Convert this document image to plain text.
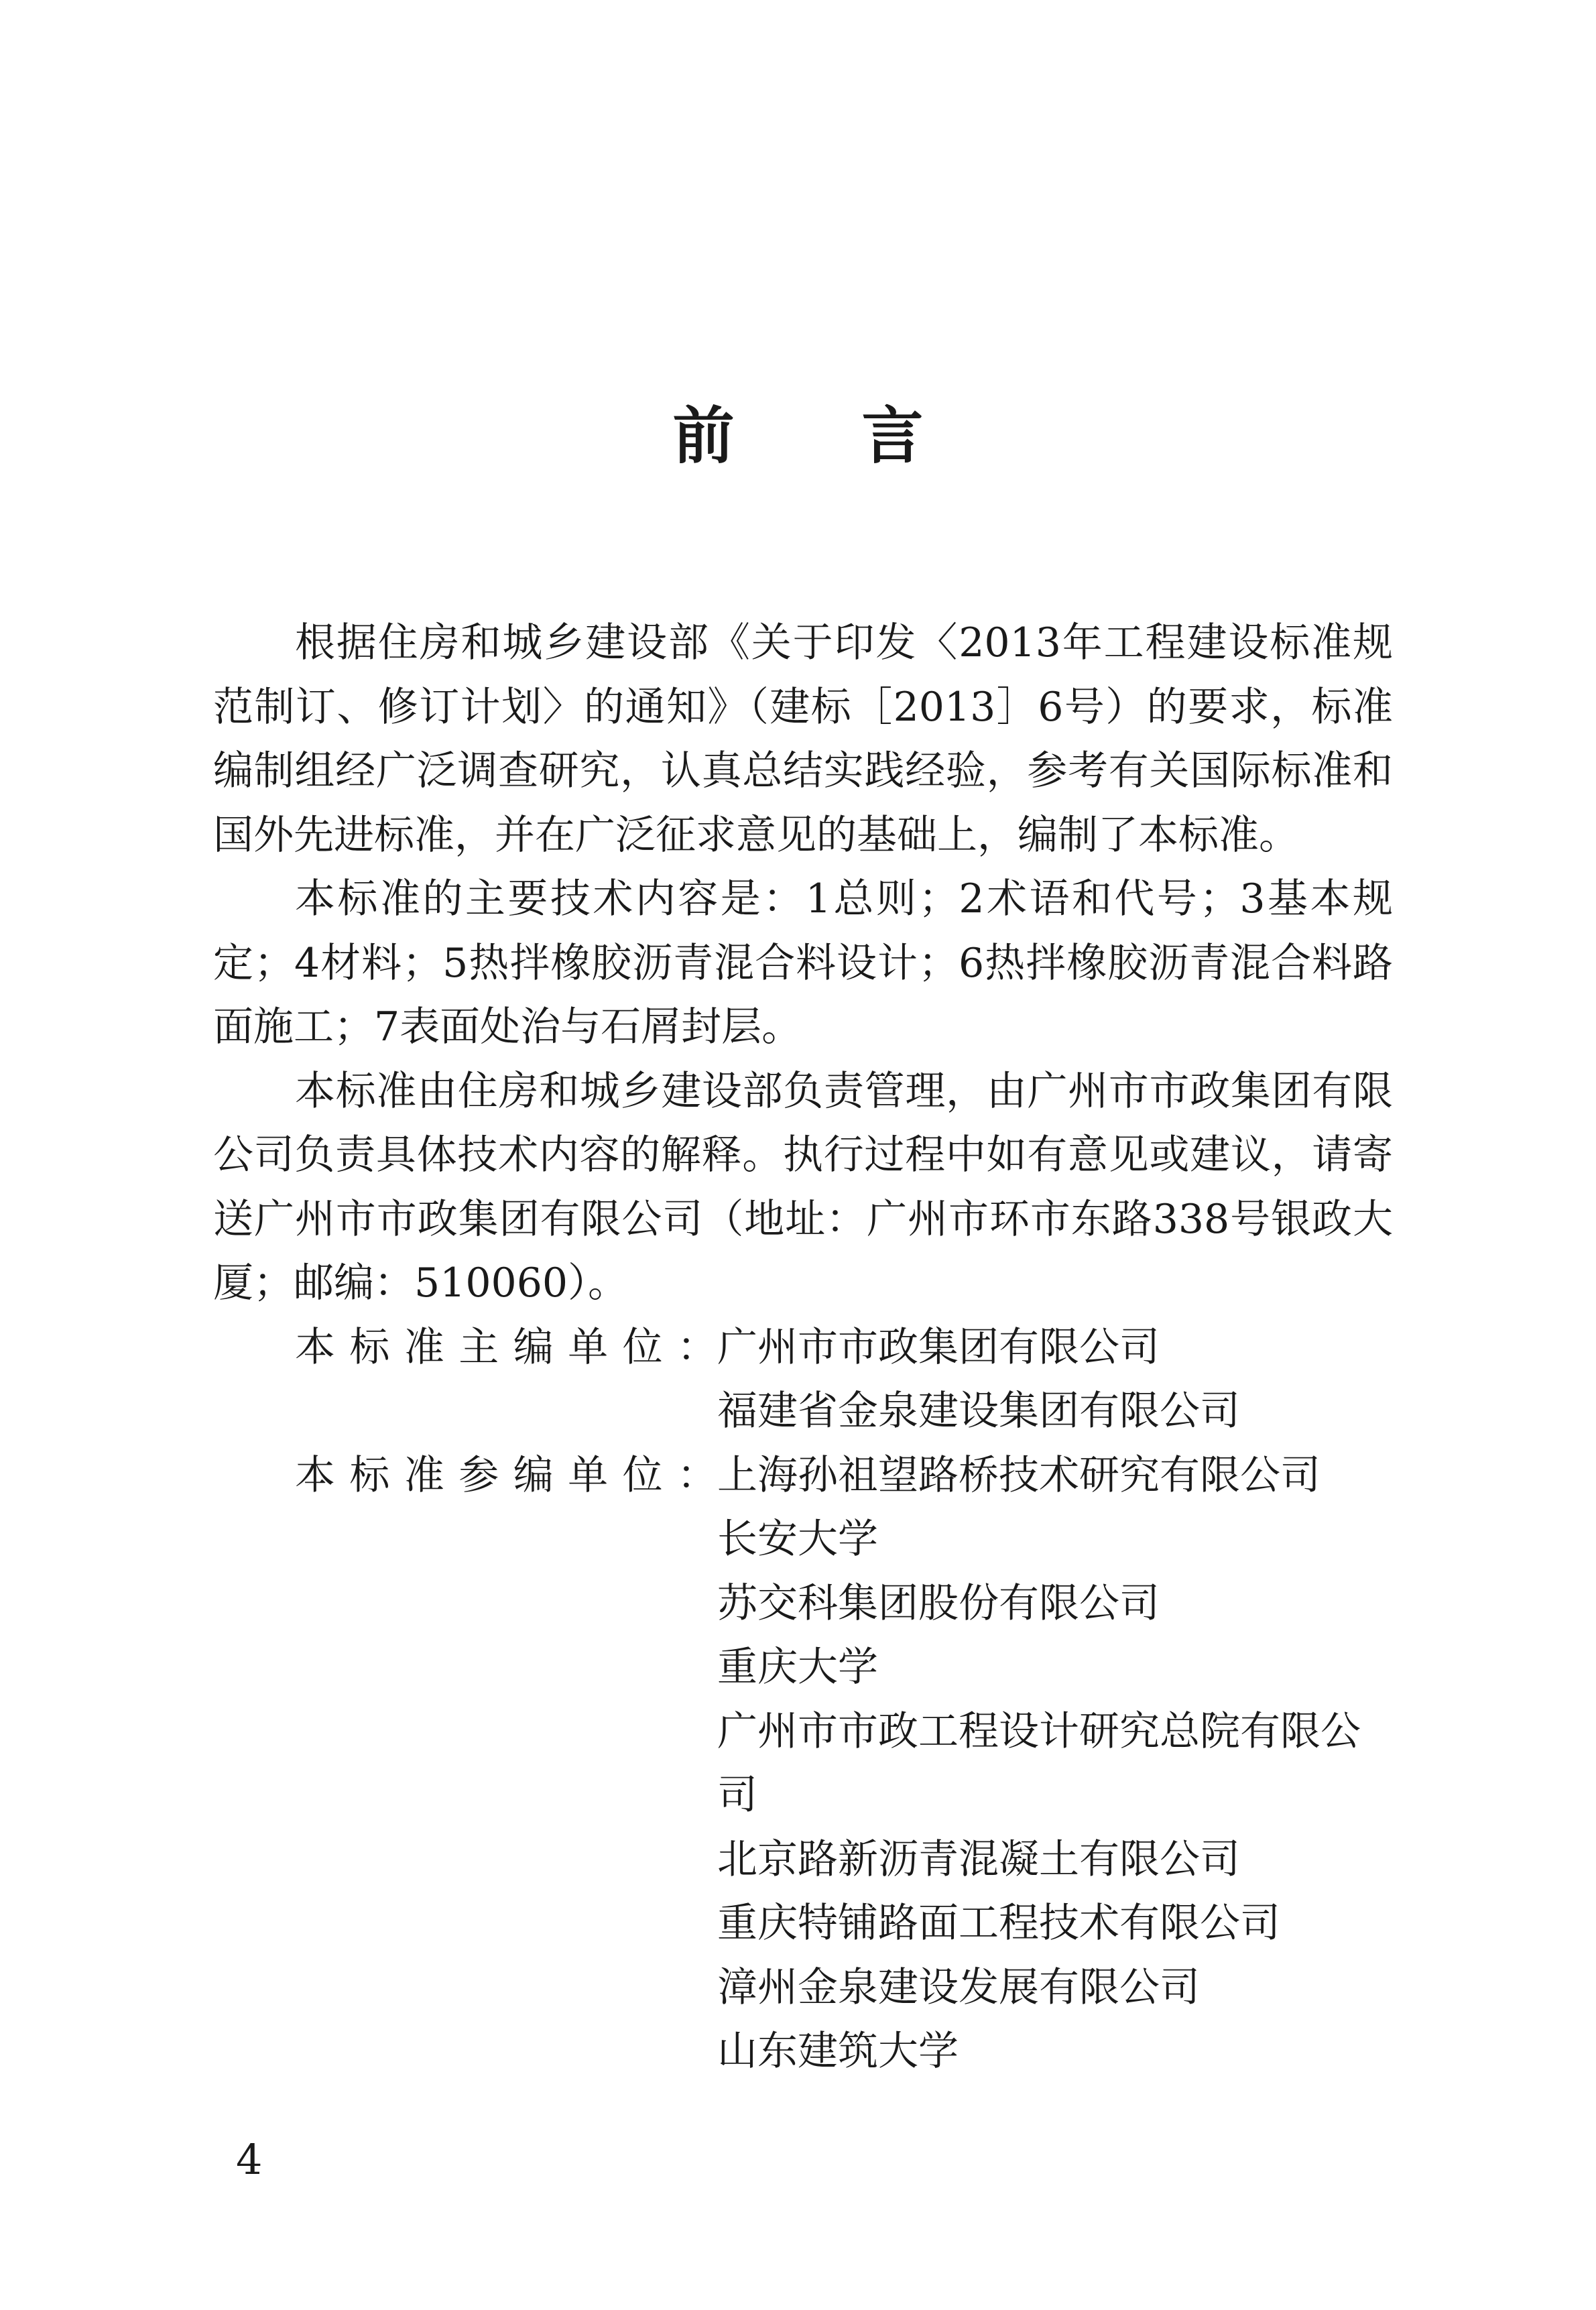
前言

根据住房和城乡建设部《关于印发〈2013年工程建设标准规范制订、修订计划〉的通知》（建标［2013］6号）的要求，标准编制组经广泛调查研究，认真总结实践经验，参考有关国际标准和国外先进标准，并在广泛征求意见的基础上，编制了本标准。

本标准的主要技术内容是：1总则；2术语和代号；3基本规定；4材料；5热拌橡胶沥青混合料设计；6热拌橡胶沥青混合料路面施工；7表面处治与石屑封层。

本标准由住房和城乡建设部负责管理，由广州市市政集团有限公司负责具体技术内容的解释。执行过程中如有意见或建议，请寄送广州市市政集团有限公司（地址：广州市环市东路338号银政大厦；邮编：510060）。

本标准主编单位： 广州市市政集团有限公司
福建省金泉建设集团有限公司
本标准参编单位： 上海孙祖望路桥技术研究有限公司
长安大学
苏交科集团股份有限公司
重庆大学
广州市市政工程设计研究总院有限公司
北京路新沥青混凝土有限公司
重庆特铺路面工程技术有限公司
漳州金泉建设发展有限公司
山东建筑大学
4
